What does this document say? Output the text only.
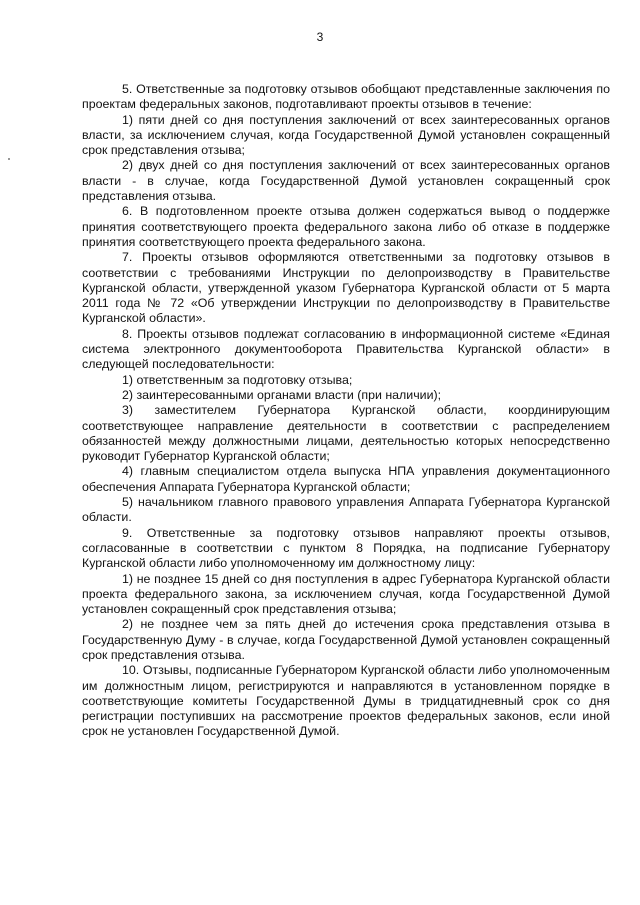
3

5. Ответственные за подготовку отзывов обобщают представленные заключения по проектам федеральных законов, подготавливают проекты отзывов в течение:

1) пяти дней со дня поступления заключений от всех заинтересованных органов власти, за исключением случая, когда Государственной Думой установлен сокращенный срок представления отзыва;

2) двух дней со дня поступления заключений от всех заинтересованных органов власти - в случае, когда Государственной Думой установлен сокращенный срок представления отзыва.

6. В подготовленном проекте отзыва должен содержаться вывод о поддержке принятия соответствующего проекта федерального закона либо об отказе в поддержке принятия соответствующего проекта федерального закона.

7. Проекты отзывов оформляются ответственными за подготовку отзывов в соответствии с требованиями Инструкции по делопроизводству в Правительстве Курганской области, утвержденной указом Губернатора Курганской области от 5 марта 2011 года № 72 «Об утверждении Инструкции по делопроизводству в Правительстве Курганской области».

8. Проекты отзывов подлежат согласованию в информационной системе «Единая система электронного документооборота Правительства Курганской области» в следующей последовательности:

1) ответственным за подготовку отзыва;

2) заинтересованными органами власти (при наличии);

3) заместителем Губернатора Курганской области, координирующим соответствующее направление деятельности в соответствии с распределением обязанностей между должностными лицами, деятельностью которых непосредственно руководит Губернатор Курганской области;

4) главным специалистом отдела выпуска НПА управления документационного обеспечения Аппарата Губернатора Курганской области;

5) начальником главного правового управления Аппарата Губернатора Курганской области.

9. Ответственные за подготовку отзывов направляют проекты отзывов, согласованные в соответствии с пунктом 8 Порядка, на подписание Губернатору Курганской области либо уполномоченному им должностному лицу:

1) не позднее 15 дней со дня поступления в адрес Губернатора Курганской области проекта федерального закона, за исключением случая, когда Государственной Думой установлен сокращенный срок представления отзыва;

2) не позднее чем за пять дней до истечения срока представления отзыва в Государственную Думу - в случае, когда Государственной Думой установлен сокращенный срок представления отзыва.

10. Отзывы, подписанные Губернатором Курганской области либо уполномоченным им должностным лицом, регистрируются и направляются в установленном порядке в соответствующие комитеты Государственной Думы в тридцатидневный срок со дня регистрации поступивших на рассмотрение проектов федеральных законов, если иной срок не установлен Государственной Думой.
